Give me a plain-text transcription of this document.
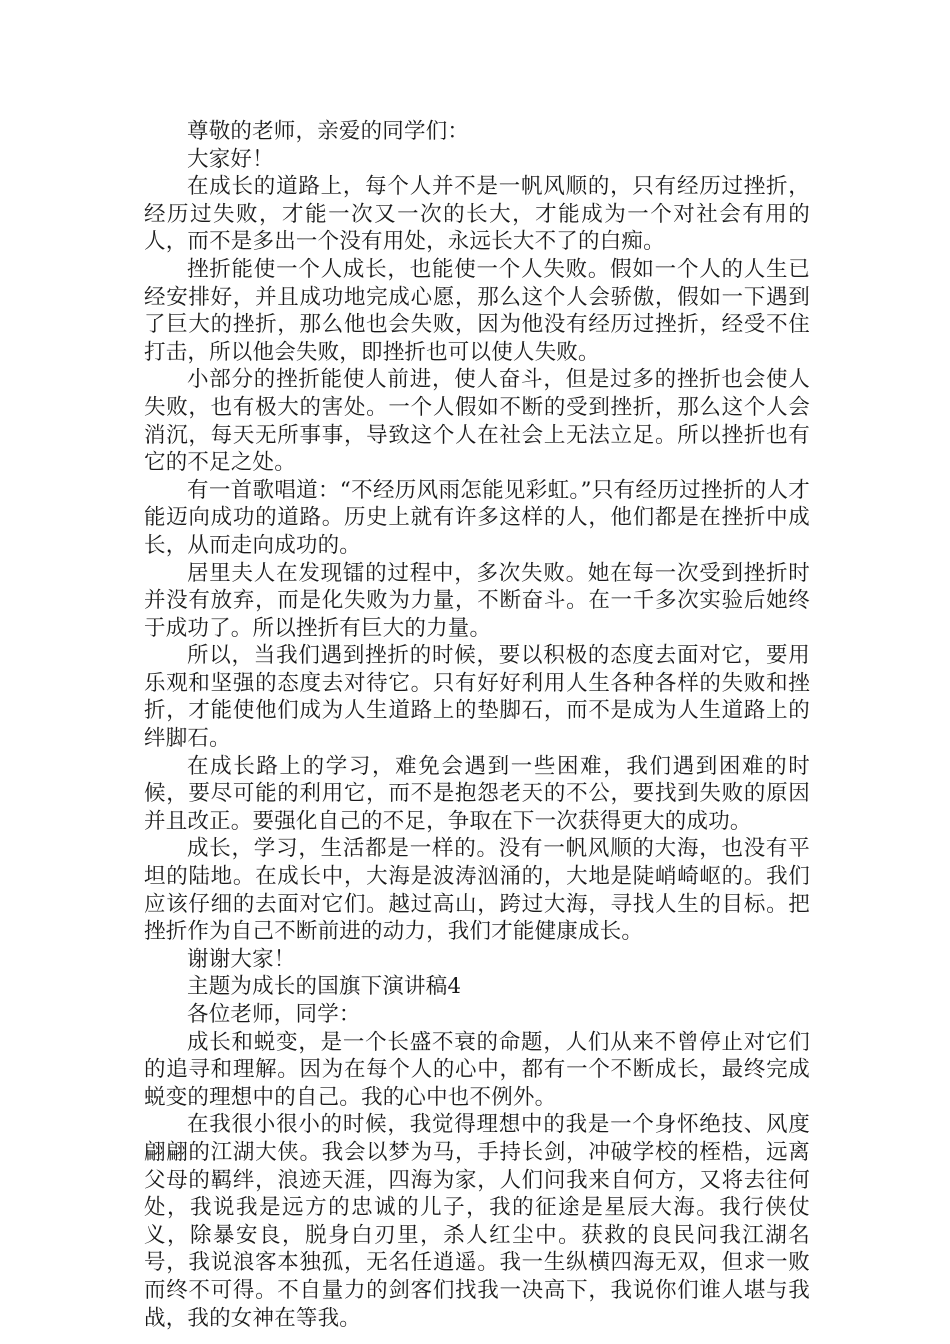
尊敬的老师，亲爱的同学们：

大家好！

在成长的道路上，每个人并不是一帆风顺的，只有经历过挫折，经历过失败，才能一次又一次的长大，才能成为一个对社会有用的人，而不是多出一个没有用处，永远长大不了的白痴。

挫折能使一个人成长，也能使一个人失败。假如一个人的人生已经安排好，并且成功地完成心愿，那么这个人会骄傲，假如一下遇到了巨大的挫折，那么他也会失败，因为他没有经历过挫折，经受不住打击，所以他会失败，即挫折也可以使人失败。

小部分的挫折能使人前进，使人奋斗，但是过多的挫折也会使人失败，也有极大的害处。一个人假如不断的受到挫折，那么这个人会消沉，每天无所事事，导致这个人在社会上无法立足。所以挫折也有它的不足之处。

有一首歌唱道：“不经历风雨怎能见彩虹。”只有经历过挫折的人才能迈向成功的道路。历史上就有许多这样的人，他们都是在挫折中成长，从而走向成功的。

居里夫人在发现镭的过程中，多次失败。她在每一次受到挫折时并没有放弃，而是化失败为力量，不断奋斗。在一千多次实验后她终于成功了。所以挫折有巨大的力量。

所以，当我们遇到挫折的时候，要以积极的态度去面对它，要用乐观和坚强的态度去对待它。只有好好利用人生各种各样的失败和挫折，才能使他们成为人生道路上的垫脚石，而不是成为人生道路上的绊脚石。

在成长路上的学习，难免会遇到一些困难，我们遇到困难的时候，要尽可能的利用它，而不是抱怨老天的不公，要找到失败的原因并且改正。要强化自己的不足，争取在下一次获得更大的成功。

成长，学习，生活都是一样的。没有一帆风顺的大海，也没有平坦的陆地。在成长中，大海是波涛汹涌的，大地是陡峭崎岖的。我们应该仔细的去面对它们。越过高山，跨过大海，寻找人生的目标。把挫折作为自己不断前进的动力，我们才能健康成长。

谢谢大家！

主题为成长的国旗下演讲稿4

各位老师，同学：

成长和蜕变，是一个长盛不衰的命题，人们从来不曾停止对它们的追寻和理解。因为在每个人的心中，都有一个不断成长，最终完成蜕变的理想中的自己。我的心中也不例外。

在我很小很小的时候，我觉得理想中的我是一个身怀绝技、风度翩翩的江湖大侠。我会以梦为马，手持长剑，冲破学校的桎梏，远离父母的羁绊，浪迹天涯，四海为家，人们问我来自何方，又将去往何处，我说我是远方的忠诚的儿子，我的征途是星辰大海。我行侠仗义，除暴安良，脱身白刃里，杀人红尘中。获救的良民问我江湖名号，我说浪客本独孤，无名任逍遥。我一生纵横四海无双，但求一败而终不可得。不自量力的剑客们找我一决高下，我说你们谁人堪与我战，我的女神在等我。
